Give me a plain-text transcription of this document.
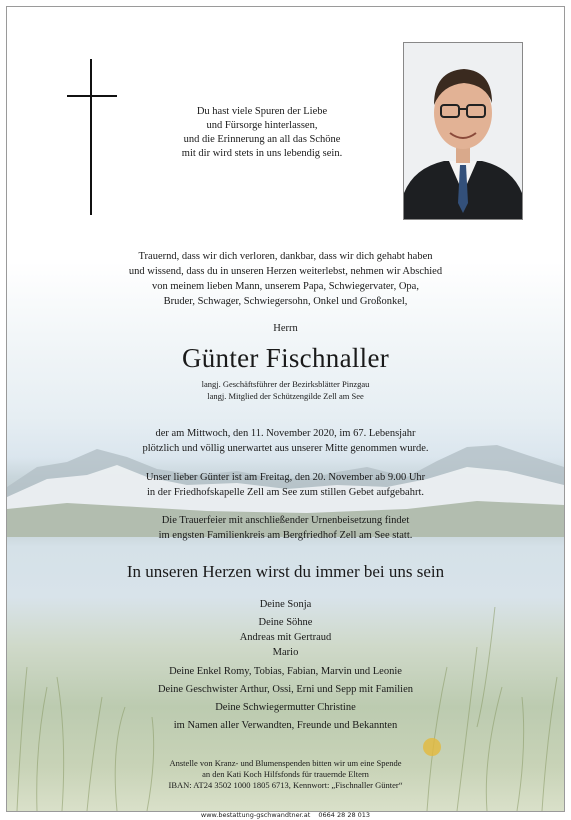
Du hast viele Spuren der Liebe
und Fürsorge hinterlassen,
und die Erinnerung an all das Schöne
mit dir wird stets in uns lebendig sein.
Trauernd, dass wir dich verloren, dankbar, dass wir dich gehabt haben
und wissend, dass du in unseren Herzen weiterlebst, nehmen wir Abschied
von meinem lieben Mann, unserem Papa, Schwiegervater, Opa,
Bruder, Schwager, Schwiegersohn, Onkel und Großonkel,
Herrn
Günter Fischnaller
langj. Geschäftsführer der Bezirksblätter Pinzgau
langj. Mitglied der Schützengilde Zell am See
der am Mittwoch, den 11. November 2020, im 67. Lebensjahr
plötzlich und völlig unerwartet aus unserer Mitte genommen wurde.
Unser lieber Günter ist am Freitag, den 20. November ab 9.00 Uhr
in der Friedhofskapelle Zell am See zum stillen Gebet aufgebahrt.
Die Trauerfeier mit anschließender Urnenbeisetzung findet
im engsten Familienkreis am Bergfriedhof Zell am See statt.
In unseren Herzen wirst du immer bei uns sein
Deine Sonja
Deine Söhne
Andreas mit Gertraud
Mario
Deine Enkel Romy, Tobias, Fabian, Marvin und Leonie
Deine Geschwister Arthur, Ossi, Erni und Sepp mit Familien
Deine Schwiegermutter Christine
im Namen aller Verwandten, Freunde und Bekannten
Anstelle von Kranz- und Blumenspenden bitten wir um eine Spende
an den Kati Koch Hilfsfonds für trauernde Eltern
IBAN: AT24 3502 1000 1805 6713, Kennwort: „Fischnaller Günter“
www.bestattung-gschwandtner.at 0664 28 28 013
